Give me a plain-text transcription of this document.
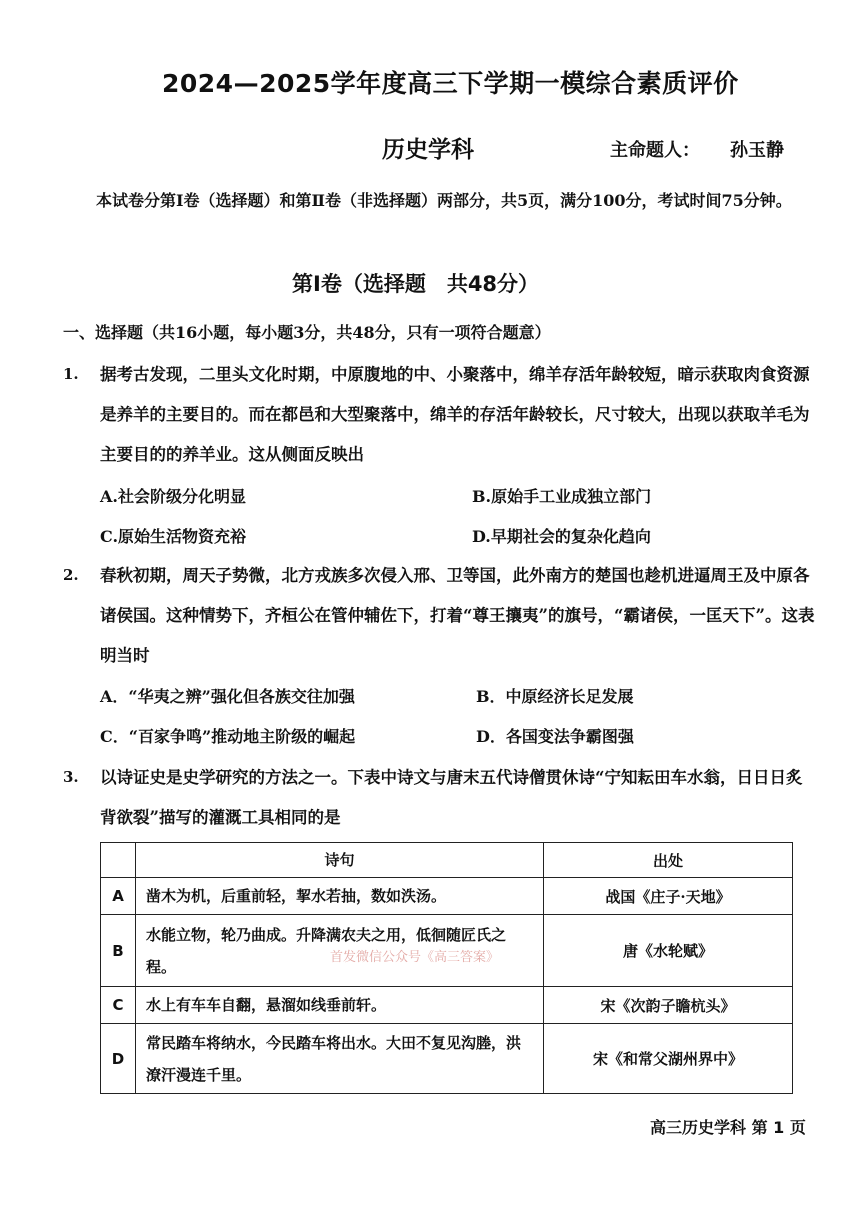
2024—2025学年度高三下学期一模综合素质评价
历史学科	主命题人： 孙玉静
本试卷分第Ⅰ卷（选择题）和第Ⅱ卷（非选择题）两部分，共5页，满分100分，考试时间75分钟。
第Ⅰ卷（选择题　共48分）
一、选择题（共16小题，每小题3分，共48分，只有一项符合题意）
1. 据考古发现，二里头文化时期，中原腹地的中、小聚落中，绵羊存活年龄较短，暗示获取肉食资源是养羊的主要目的。而在都邑和大型聚落中，绵羊的存活年龄较长，尺寸较大，出现以获取羊毛为主要目的的养羊业。这从侧面反映出
A.社会阶级分化明显	B.原始手工业成独立部门
C.原始生活物资充裕	D.早期社会的复杂化趋向
2. 春秋初期，周天子势微，北方戎族多次侵入邢、卫等国，此外南方的楚国也趁机进逼周王及中原各诸侯国。这种情势下，齐桓公在管仲辅佐下，打着“尊王攘夷”的旗号，“霸诸侯，一匡天下”。这表明当时
A．“华夷之辨”强化但各族交往加强	B．中原经济长足发展
C．“百家争鸣”推动地主阶级的崛起	D．各国变法争霸图强
3. 以诗证史是史学研究的方法之一。下表中诗文与唐末五代诗僧贯休诗“宁知耘田车水翁，日日日炙背欲裂”描写的灌溉工具相同的是
	诗句	出处
A	凿木为机，后重前轻，挈水若抽，数如泆汤。	战国《庄子·天地》
B	水能立物，轮乃曲成。升降满农夫之用，低徊随匠氏之程。	唐《水轮赋》
C	水上有车车自翻，悬溜如线垂前轩。	宋《次韵子瞻杭头》
D	常民踏车将纳水，今民踏车将出水。大田不复见沟塍，洪潦汗漫连千里。	宋《和常父湖州界中》
首发微信公众号《高三答案》
高三历史学科 第 1 页
